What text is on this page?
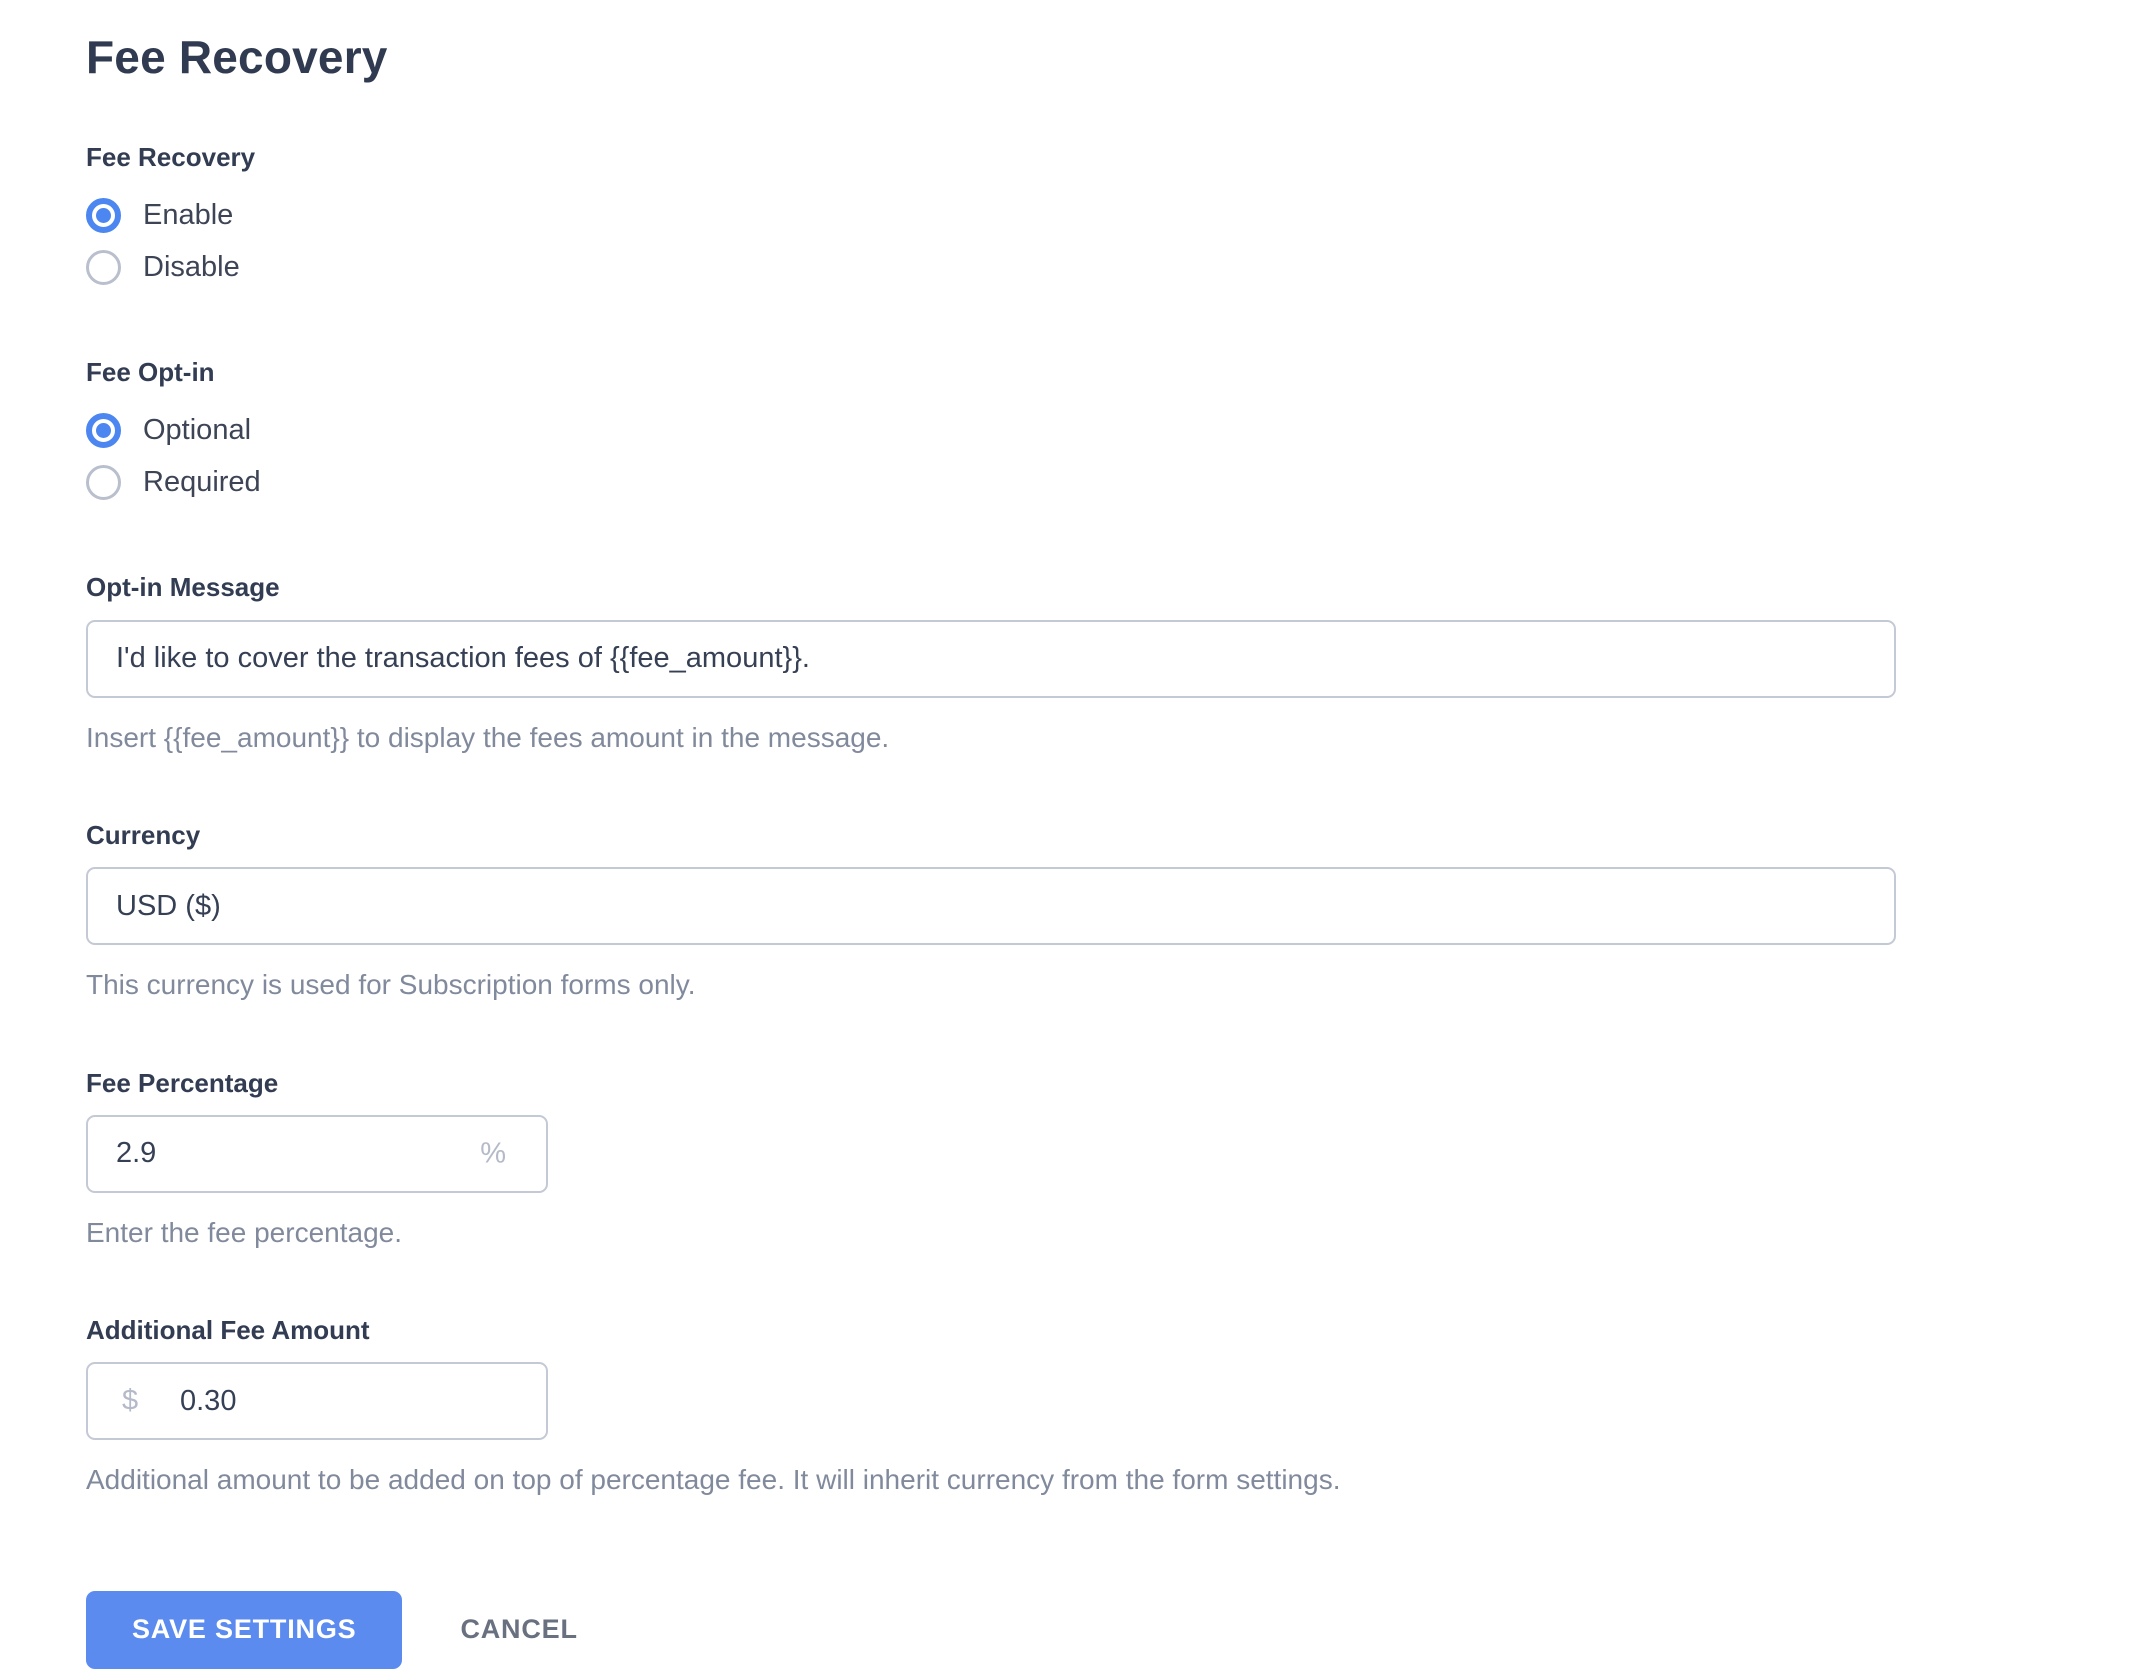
Fee Recovery
Fee Recovery
Enable
Disable
Fee Opt-in
Optional
Required
Opt-in Message
I'd like to cover the transaction fees of {{fee_amount}}.
Insert {{fee_amount}} to display the fees amount in the message.
Currency
USD ($)
This currency is used for Subscription forms only.
Fee Percentage
2.9
%
Enter the fee percentage.
Additional Fee Amount
$
0.30
Additional amount to be added on top of percentage fee. It will inherit currency from the form settings.
SAVE SETTINGS	CANCEL
